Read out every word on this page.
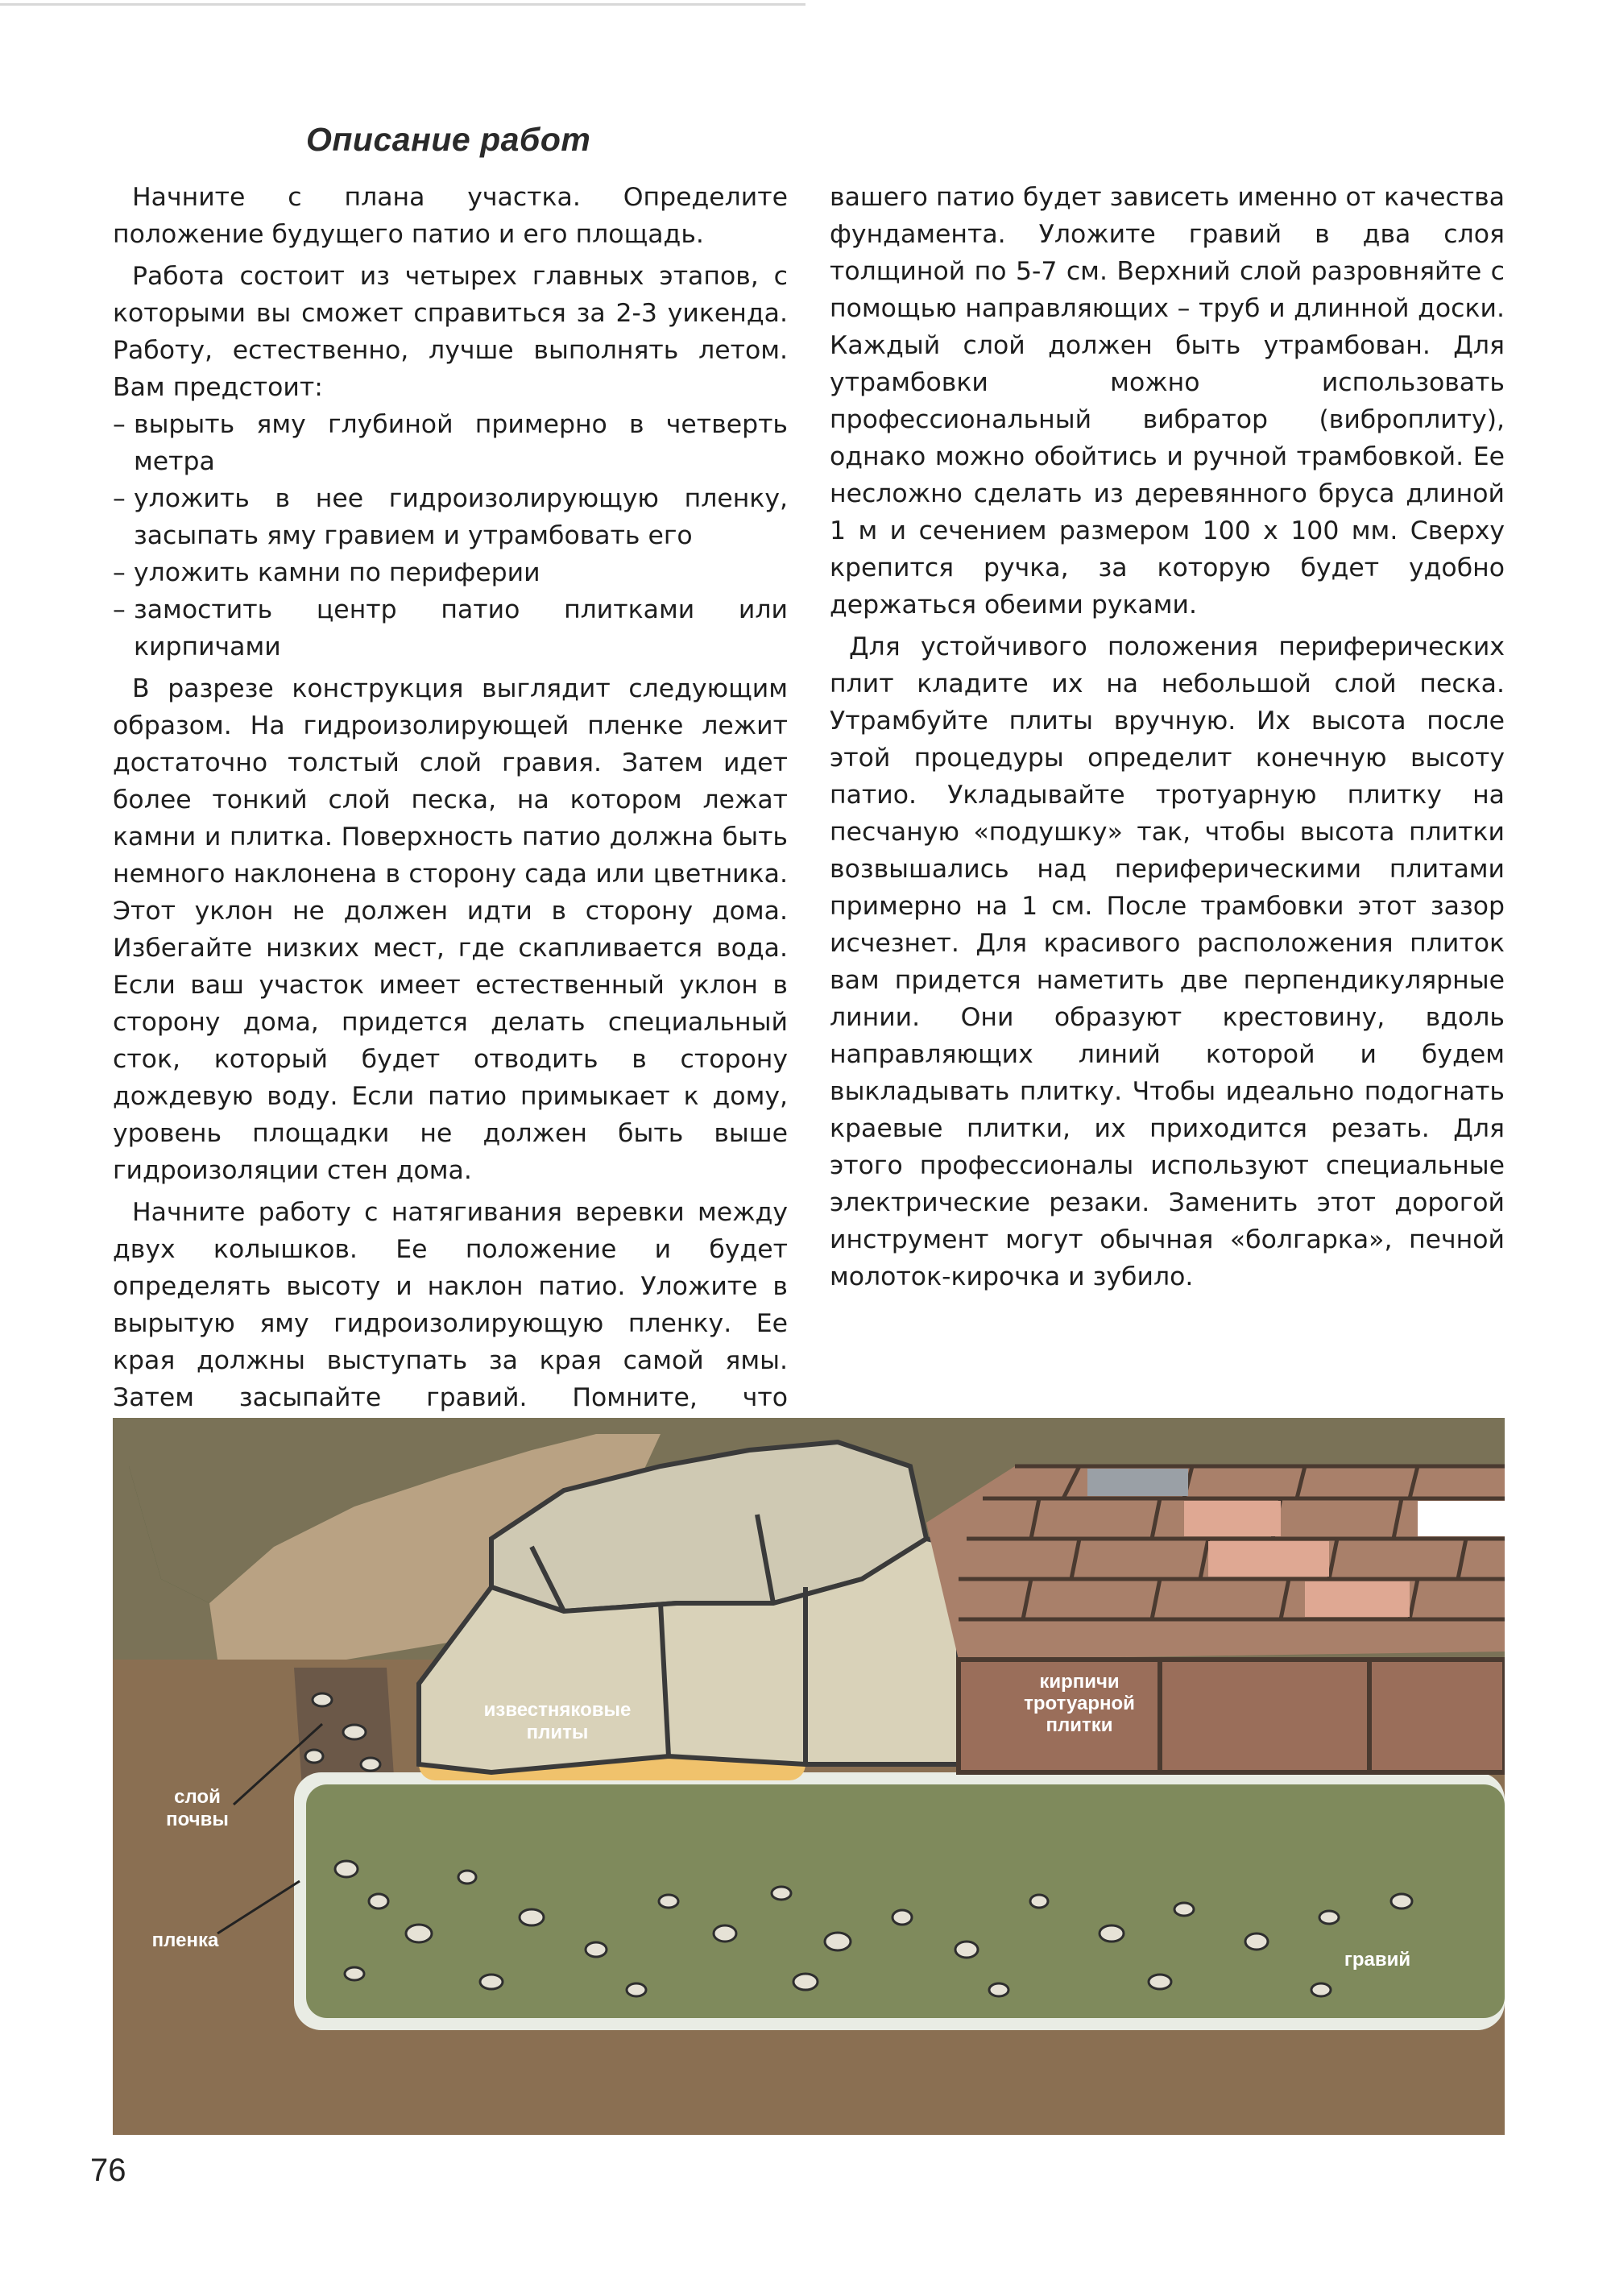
Описание работ

Начните с плана участка. Определите положение будущего патио и его площадь.

Работа состоит из четырех главных этапов, с которыми вы сможет справиться за 2-3 уикенда. Работу, естественно, лучше выполнять летом. Вам предстоит:

– вырыть яму глубиной примерно в четверть метра
– уложить в нее гидроизолирующую пленку, засыпать яму гравием и утрамбовать его
– уложить камни по периферии
– замостить центр патио плитками или кирпичами

В разрезе конструкция выглядит следующим образом. На гидроизолирующей пленке лежит достаточно толстый слой гравия. Затем идет более тонкий слой песка, на котором лежат камни и плитка. Поверхность патио должна быть немного наклонена в сторону сада или цветника. Этот уклон не должен идти в сторону дома. Избегайте низких мест, где скапливается вода. Если ваш участок имеет естественный уклон в сторону дома, придется делать специальный сток, который будет отводить в сторону дождевую воду. Если патио примыкает к дому, уровень площадки не должен быть выше гидроизоляции стен дома.

Начните работу с натягивания веревки между двух колышков. Ее положение и будет определять высоту и наклон патио. Уложите в вырытую яму гидроизолирующую пленку. Ее края должны выступать за края самой ямы. Затем засыпайте гравий. Помните, что

вашего патио будет зависеть именно от качества фундамента. Уложите гравий в два слоя толщиной по 5-7 см. Верхний слой разровняйте с помощью направляющих – труб и длинной доски. Каждый слой должен быть утрамбован. Для утрамбовки можно использовать профессиональный вибратор (виброплиту), однако можно обойтись и ручной трамбовкой. Ее несложно сделать из деревянного бруса длиной 1 м и сечением размером 100 х 100 мм. Сверху крепится ручка, за которую будет удобно держаться обеими руками.

Для устойчивого положения периферических плит кладите их на небольшой слой песка. Утрамбуйте плиты вручную. Их высота после этой процедуры определит конечную высоту патио. Укладывайте тротуарную плитку на песчаную «подушку» так, чтобы высота плитки возвышались над периферическими плитами примерно на 1 см. После трамбовки этот зазор исчезнет. Для красивого расположения плиток вам придется наметить две перпендикулярные линии. Они образуют крестовину, вдоль направляющих линий которой и будем выкладывать плитку. Чтобы идеально подогнать краевые плитки, их приходится резать. Для этого профессионалы используют специальные электрические резаки. Заменить этот дорогой инструмент могут обычная «болгарка», печной молоток-кирочка и зубило.

известняковые
плиты
кирпичи
тротуарной
плитки
слой
почвы
пленка
гравий
76
